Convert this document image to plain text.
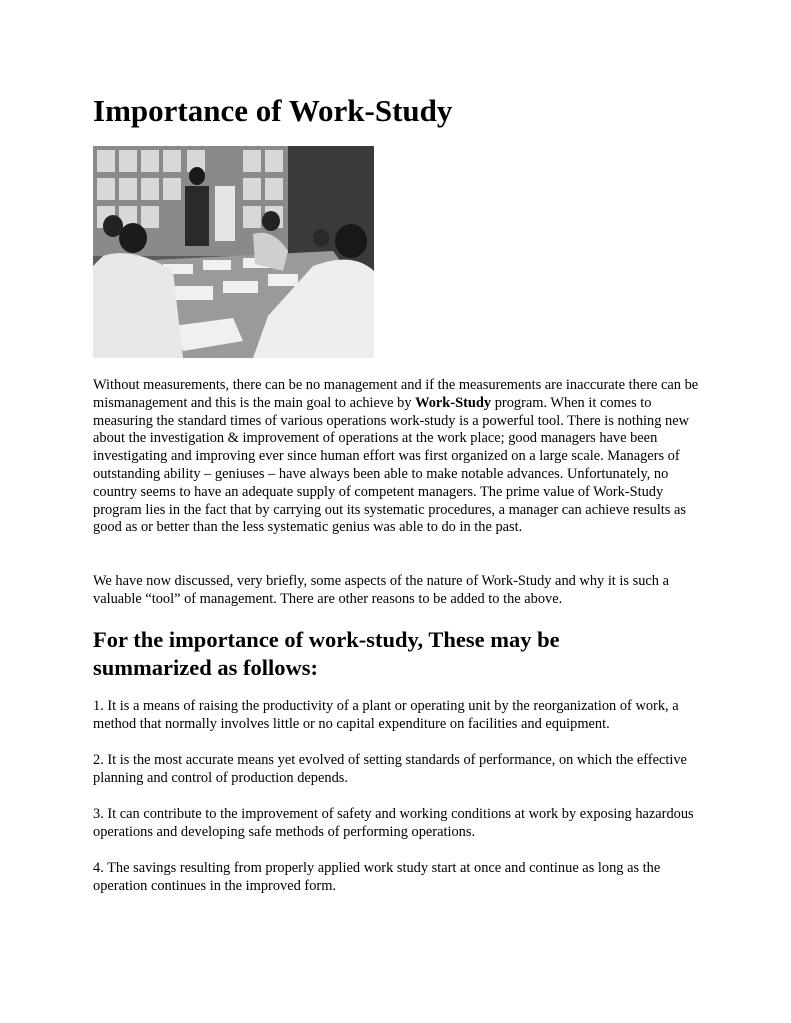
Importance of Work-Study

Without measurements, there can be no management and if the measurements are inaccurate there can be mismanagement and this is the main goal to achieve by Work-Study program. When it comes to measuring the standard times of various operations work-study is a powerful tool. There is nothing new about the investigation & improvement of operations at the work place; good managers have been investigating and improving ever since human effort was first organized on a large scale. Managers of outstanding ability – geniuses – have always been able to make notable advances. Unfortunately, no country seems to have an adequate supply of competent managers. The prime value of Work-Study program lies in the fact that by carrying out its systematic procedures, a manager can achieve results as good as or better than the less systematic genius was able to do in the past.

We have now discussed, very briefly, some aspects of the nature of Work-Study and why it is such a valuable “tool” of management. There are other reasons to be added to the above.

For the importance of work-study, These may be summarized as follows:
1. It is a means of raising the productivity of a plant or operating unit by the reorganization of work, a method that normally involves little or no capital expenditure on facilities and equipment.
2. It is the most accurate means yet evolved of setting standards of performance, on which the effective planning and control of production depends.
3. It can contribute to the improvement of safety and working conditions at work by exposing hazardous operations and developing safe methods of performing operations.
4. The savings resulting from properly applied work study start at once and continue as long as the operation continues in the improved form.
